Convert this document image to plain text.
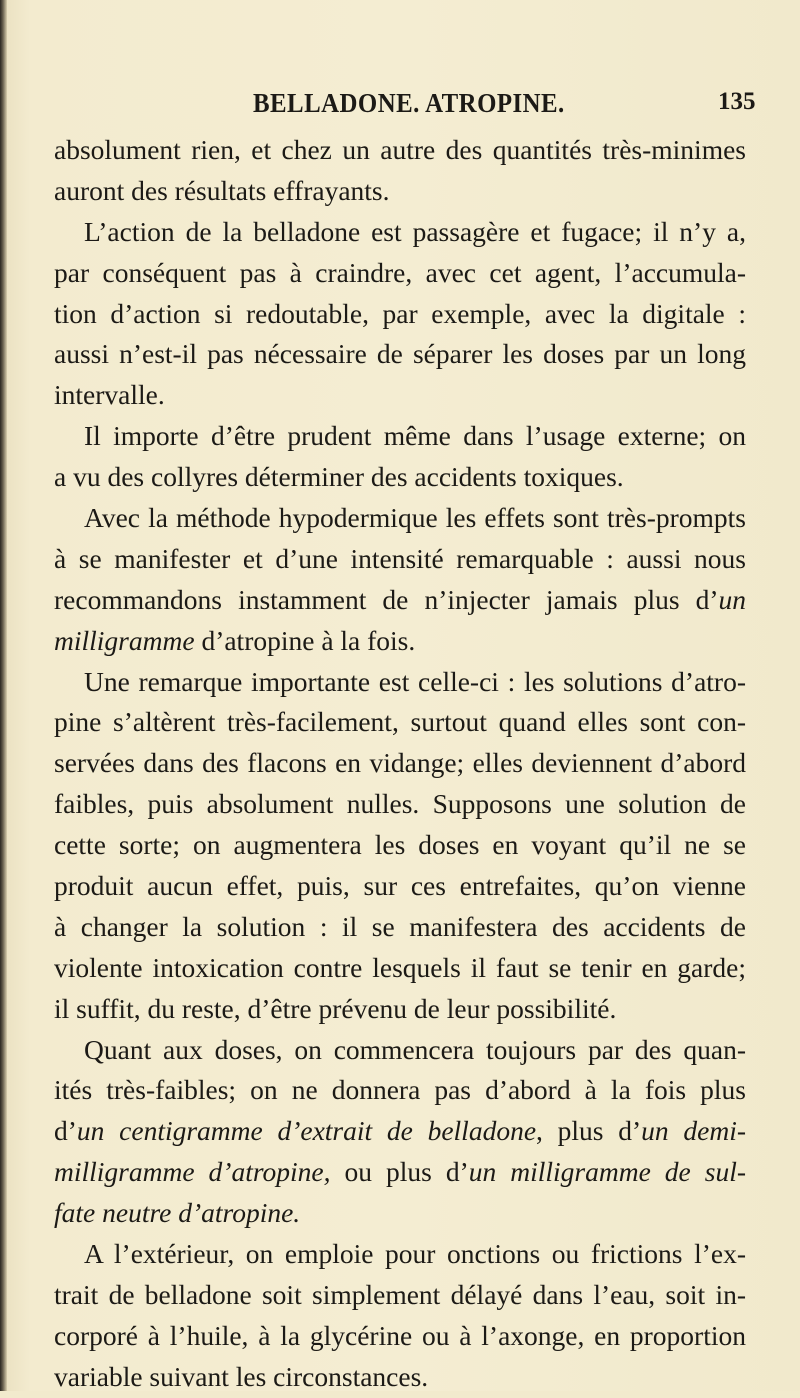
BELLADONE. ATROPINE.	135
absolument rien, et chez un autre des quantités très-minimes
auront des résultats effrayants.
L’action de la belladone est passagère et fugace; il n’y a,
par conséquent pas à craindre, avec cet agent, l’accumula-
tion d’action si redoutable, par exemple, avec la digitale :
aussi n’est-il pas nécessaire de séparer les doses par un long
intervalle.
Il importe d’être prudent même dans l’usage externe; on
a vu des collyres déterminer des accidents toxiques.
Avec la méthode hypodermique les effets sont très-prompts
à se manifester et d’une intensité remarquable : aussi nous
recommandons instamment de n’injecter jamais plus d’un
milligramme d’atropine à la fois.
Une remarque importante est celle-ci : les solutions d’atro-
pine s’altèrent très-facilement, surtout quand elles sont con-
servées dans des flacons en vidange; elles deviennent d’abord
faibles, puis absolument nulles. Supposons une solution de
cette sorte; on augmentera les doses en voyant qu’il ne se
produit aucun effet, puis, sur ces entrefaites, qu’on vienne
à changer la solution : il se manifestera des accidents de
violente intoxication contre lesquels il faut se tenir en garde;
il suffit, du reste, d’être prévenu de leur possibilité.
Quant aux doses, on commencera toujours par des quan-
ités très-faibles; on ne donnera pas d’abord à la fois plus
d’un centigramme d’extrait de belladone, plus d’un demi-
milligramme d’atropine, ou plus d’un milligramme de sul-
fate neutre d’atropine.
A l’extérieur, on emploie pour onctions ou frictions l’ex-
trait de belladone soit simplement délayé dans l’eau, soit in-
corporé à l’huile, à la glycérine ou à l’axonge, en proportion
variable suivant les circonstances.
